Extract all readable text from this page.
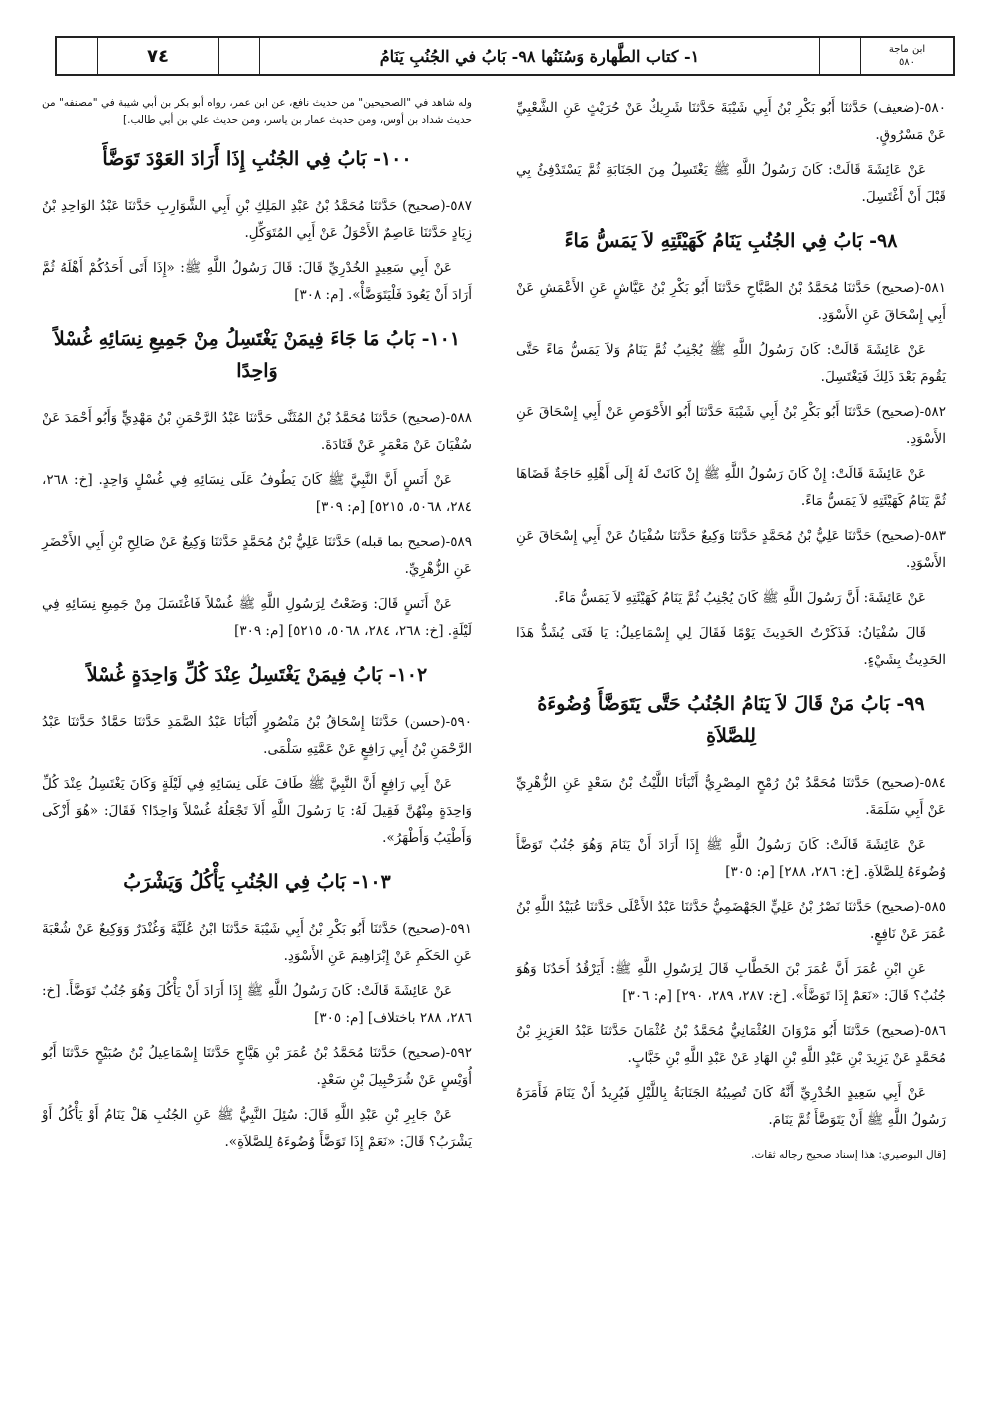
ابن ماجة
٥٨٠
١- كتاب الطَّهارة وَسُنَنُها ٩٨- بَابُ في الجُنُبِ يَنَامُ
٧٤

٥٨٠-(ضعيف) حَدَّثنَا أَبُو بَكْرِ بْنُ أَبِي شَيْبَةَ حَدَّثنَا شَرِيكٌ عَنْ حُرَيْثٍ عَنِ الشَّعْبِيِّ عَنْ مَسْرُوقٍ.

عَنْ عَائِشَةَ قَالَتْ: كَانَ رَسُولُ اللَّهِ ﷺ يَغْتَسِلُ مِنَ الجَنَابَةِ ثُمَّ يَسْتَدْفِئُ بِي قَبْلَ أَنْ أَغْتَسِلَ.

٩٨- بَابُ فِي الجُنُبِ يَنَامُ كَهَيْئَتِهِ لاَ يَمَسُّ مَاءً

٥٨١-(صحيح) حَدَّثنَا مُحَمَّدُ بْنُ الصَّبَّاحِ حَدَّثنَا أَبُو بَكْرِ بْنُ عَيَّاشٍ عَنِ الأَعْمَشِ عَنْ أَبِي إِسْحَاقَ عَنِ الأَسْوَدِ.

عَنْ عَائِشَةَ قَالَتْ: كَانَ رَسُولُ اللَّهِ ﷺ يُجْنِبُ ثُمَّ يَنَامُ وَلاَ يَمَسُّ مَاءً حَتَّى يَقُومَ بَعْدَ ذَلِكَ فَيَغْتَسِلَ.

٥٨٢-(صحيح) حَدَّثنَا أَبُو بَكْرِ بْنُ أَبِي شَيْبَةَ حَدَّثنَا أَبُو الأَحْوَصِ عَنْ أَبِي إِسْحَاقَ عَنِ الأَسْوَدِ.

عَنْ عَائِشَةَ قَالَتْ: إِنْ كَانَ رَسُولُ اللَّهِ ﷺ إِنْ كَانَتْ لَهُ إِلَى أَهْلِهِ حَاجَةٌ قَضَاهَا ثُمَّ يَنَامُ كَهَيْئَتِهِ لاَ يَمَسُّ مَاءً.

٥٨٣-(صحيح) حَدَّثنَا عَلِيُّ بْنُ مُحَمَّدٍ حَدَّثنَا وَكِيعٌ حَدَّثنَا سُفْيَانُ عَنْ أَبِي إِسْحَاقَ عَنِ الأَسْوَدِ.

عَنْ عَائِشَةَ: أَنَّ رَسُولَ اللَّهِ ﷺ كَانَ يُجْنِبُ ثُمَّ يَنَامُ كَهَيْئَتِهِ لاَ يَمَسُّ مَاءً.

قَالَ سُفْيَانُ: فَذَكَرْتُ الحَدِيثَ يَوْمًا فَقَالَ لِي إِسْمَاعِيلُ: يَا فَتَى يُشَدُّ هَذَا الحَدِيثُ بِشَيْءٍ.

٩٩- بَابُ مَنْ قَالَ لاَ يَنَامُ الجُنُبُ حَتَّى يَتَوَضَّأَ وُضُوءَهُ لِلصَّلاَةِ

٥٨٤-(صحيح) حَدَّثنَا مُحَمَّدُ بْنُ رُمْحٍ المِصْرِيُّ أَنْبَأنَا اللَّيْثُ بْنُ سَعْدٍ عَنِ الزُّهْرِيِّ عَنْ أَبِي سَلَمَةَ.

عَنْ عَائِشَةَ قَالَتْ: كَانَ رَسُولُ اللَّهِ ﷺ إِذَا أَرَادَ أَنْ يَنَامَ وَهُوَ جُنُبٌ تَوَضَّأَ وُضُوءَهُ لِلصَّلاَةِ. [خ: ٢٨٦، ٢٨٨] [م: ٣٠٥]

٥٨٥-(صحيح) حَدَّثنَا نَصْرُ بْنُ عَلِيٍّ الجَهْضَمِيُّ حَدَّثنَا عَبْدُ الأَعْلَى حَدَّثنَا عُبَيْدُ اللَّهِ بْنُ عُمَرَ عَنْ نَافِعٍ.

عَنِ ابْنِ عُمَرَ أَنَّ عُمَرَ بْنَ الخَطَّابِ قَالَ لِرَسُولِ اللَّهِ ﷺ: أَيَرْقُدُ أَحَدُنَا وَهُوَ جُنُبٌ؟ قَالَ: «نَعَمْ إِذَا تَوَضَّأَ». [خ: ٢٨٧، ٢٨٩، ٢٩٠] [م: ٣٠٦]

٥٨٦-(صحيح) حَدَّثنَا أَبُو مَرْوَانَ العُثْمَانِيُّ مُحَمَّدُ بْنُ عُثْمَانَ حَدَّثنَا عَبْدُ العَزِيزِ بْنُ مُحَمَّدٍ عَنْ يَزِيدَ بْنِ عَبْدِ اللَّهِ بْنِ الهَادِ عَنْ عَبْدِ اللَّهِ بْنِ خَبَّابٍ.

عَنْ أَبِي سَعِيدٍ الخُدْرِيِّ أَنَّهُ كَانَ تُصِيبُهُ الجَنَابَةُ بِاللَّيْلِ فَيُرِيدُ أَنْ يَنَامَ فَأَمَرَهُ رَسُولُ اللَّهِ ﷺ أَنْ يَتَوَضَّأَ ثُمَّ يَنَامَ.

[قال البوصيري: هذا إسناد صحيح رجاله ثقات.

وله شاهد في "الصحيحين" من حديث نافع، عن ابن عمر، رواه أبو بكر بن أبي شيبة في "مصنفه" من حديث شداد بن أوس، ومن حديث عمار بن ياسر، ومن حديث علي بن أبي طالب.]

١٠٠- بَابُ فِي الجُنُبِ إِذَا أَرَادَ العَوْدَ تَوَضَّأَ

٥٨٧-(صحيح) حَدَّثنَا مُحَمَّدُ بْنُ عَبْدِ المَلِكِ بْنِ أَبِي الشَّوَارِبِ حَدَّثنَا عَبْدُ الوَاحِدِ بْنُ زِيَادٍ حَدَّثنَا عَاصِمٌ الأَحْوَلُ عَنْ أَبِي المُتَوَكِّلِ.

عَنْ أَبِي سَعِيدٍ الخُدْرِيِّ قَالَ: قَالَ رَسُولُ اللَّهِ ﷺ: «إِذَا أَتَى أَحَدُكُمْ أَهْلَهُ ثُمَّ أَرَادَ أَنْ يَعُودَ فَلْيَتَوَضَّأْ». [م: ٣٠٨]

١٠١- بَابُ مَا جَاءَ فِيمَنْ يَغْتَسِلُ مِنْ جَمِيعِ نِسَائِهِ غُسْلاً وَاحِدًا

٥٨٨-(صحيح) حَدَّثنَا مُحَمَّدُ بْنُ المُثَنَّى حَدَّثنَا عَبْدُ الرَّحْمَنِ بْنُ مَهْدِيٍّ وَأَبُو أَحْمَدَ عَنْ سُفْيَانَ عَنْ مَعْمَرٍ عَنْ قَتَادَةَ.

عَنْ أَنَسٍ أَنَّ النَّبِيَّ ﷺ كَانَ يَطُوفُ عَلَى نِسَائِهِ فِي غُسْلٍ وَاحِدٍ. [خ: ٢٦٨، ٢٨٤، ٥٠٦٨، ٥٢١٥] [م: ٣٠٩]

٥٨٩-(صحيح بما قبله) حَدَّثنَا عَلِيُّ بْنُ مُحَمَّدٍ حَدَّثنَا وَكِيعٌ عَنْ صَالِحِ بْنِ أَبِي الأَخْضَرِ عَنِ الزُّهْرِيِّ.

عَنْ أَنَسٍ قَالَ: وَضَعْتُ لِرَسُولِ اللَّهِ ﷺ غُسْلاً فَاغْتَسَلَ مِنْ جَمِيعِ نِسَائِهِ فِي لَيْلَةٍ. [خ: ٢٦٨، ٢٨٤، ٥٠٦٨، ٥٢١٥] [م: ٣٠٩]

١٠٢- بَابُ فِيمَنْ يَغْتَسِلُ عِنْدَ كُلِّ وَاحِدَةٍ غُسْلاً

٥٩٠-(حسن) حَدَّثنَا إِسْحَاقُ بْنُ مَنْصُورٍ أَنْبَأنَا عَبْدُ الصَّمَدِ حَدَّثنَا حَمَّادٌ حَدَّثنَا عَبْدُ الرَّحْمَنِ بْنُ أَبِي رَافِعٍ عَنْ عَمَّتِهِ سَلْمَى.

عَنْ أَبِي رَافِعٍ أَنَّ النَّبِيَّ ﷺ طَافَ عَلَى نِسَائِهِ فِي لَيْلَةٍ وَكَانَ يَغْتَسِلُ عِنْدَ كُلِّ وَاحِدَةٍ مِنْهُنَّ فَقِيلَ لَهُ: يَا رَسُولَ اللَّهِ أَلاَ تَجْعَلُهُ غُسْلاً وَاحِدًا؟ فَقَالَ: «هُوَ أَزْكَى وَأَطْيَبُ وَأَطْهَرُ».

١٠٣- بَابُ فِي الجُنُبِ يَأْكُلُ وَيَشْرَبُ

٥٩١-(صحيح) حَدَّثنَا أَبُو بَكْرِ بْنُ أَبِي شَيْبَةَ حَدَّثنَا ابْنُ عُلَيَّةَ وَغُنْدَرٌ وَوَكِيعٌ عَنْ شُعْبَةَ عَنِ الحَكَمِ عَنْ إِبْرَاهِيمَ عَنِ الأَسْوَدِ.

عَنْ عَائِشَةَ قَالَتْ: كَانَ رَسُولُ اللَّهِ ﷺ إِذَا أَرَادَ أَنْ يَأْكُلَ وَهُوَ جُنُبٌ تَوَضَّأَ. [خ: ٢٨٦، ٢٨٨ باختلاف] [م: ٣٠٥]

٥٩٢-(صحيح) حَدَّثنَا مُحَمَّدُ بْنُ عُمَرَ بْنِ هَيَّاجٍ حَدَّثنَا إِسْمَاعِيلُ بْنُ صُبَيْحٍ حَدَّثنَا أَبُو أُوَيْسٍ عَنْ شُرَحْبِيلَ بْنِ سَعْدٍ.

عَنْ جَابِرِ بْنِ عَبْدِ اللَّهِ قَالَ: سُئِلَ النَّبِيُّ ﷺ عَنِ الجُنُبِ هَلْ يَنَامُ أَوْ يَأْكُلُ أَوْ يَشْرَبُ؟ قَالَ: «نَعَمْ إِذَا تَوَضَّأَ وُضُوءَهُ لِلصَّلاَةِ».
